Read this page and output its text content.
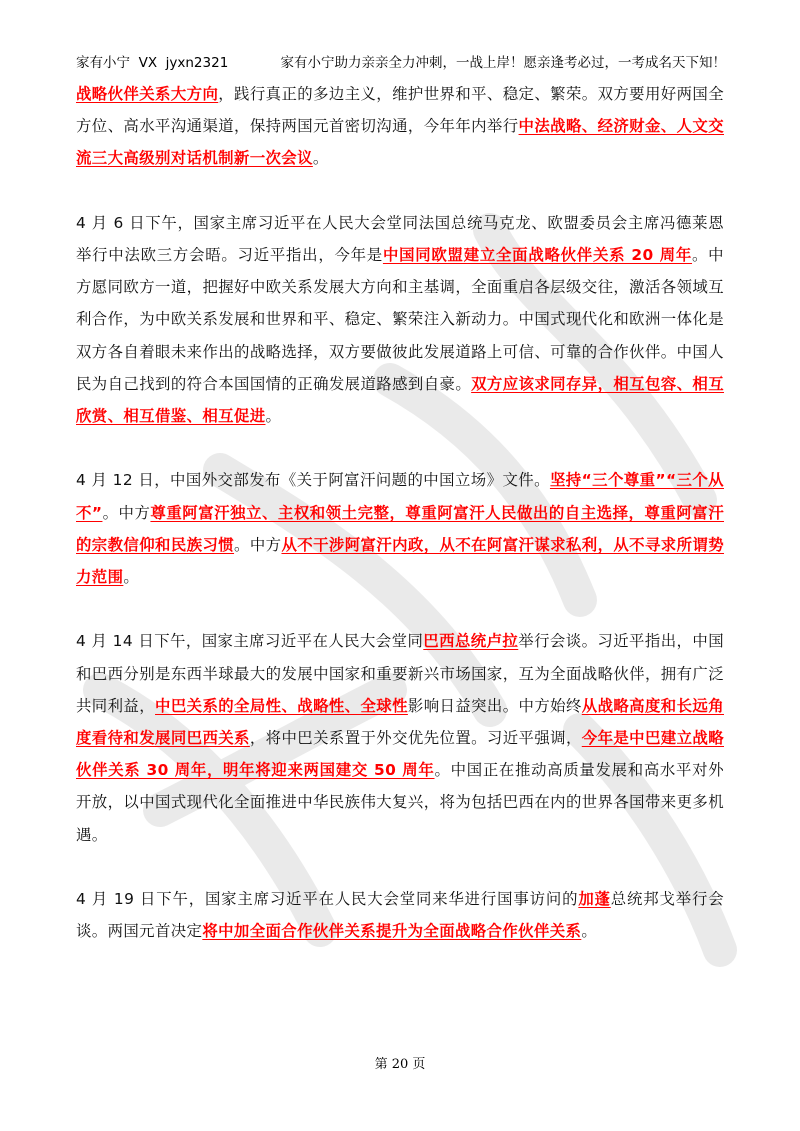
家有小宁  VX  jyxn2321	家有小宁助力亲亲全力冲刺，一战上岸！愿亲逢考必过，一考成名天下知！

战略伙伴关系大方向，践行真正的多边主义，维护世界和平、稳定、繁荣。双方要用好两国全方位、高水平沟通渠道，保持两国元首密切沟通，今年年内举行中法战略、经济财金、人文交流三大高级别对话机制新一次会议。

4 月 6 日下午，国家主席习近平在人民大会堂同法国总统马克龙、欧盟委员会主席冯德莱恩举行中法欧三方会晤。习近平指出，今年是中国同欧盟建立全面战略伙伴关系 20 周年。中方愿同欧方一道，把握好中欧关系发展大方向和主基调，全面重启各层级交往，激活各领域互利合作，为中欧关系发展和世界和平、稳定、繁荣注入新动力。中国式现代化和欧洲一体化是双方各自着眼未来作出的战略选择，双方要做彼此发展道路上可信、可靠的合作伙伴。中国人民为自己找到的符合本国国情的正确发展道路感到自豪。双方应该求同存异，相互包容、相互欣赏、相互借鉴、相互促进。

4 月 12 日，中国外交部发布《关于阿富汗问题的中国立场》文件。坚持“三个尊重”“三个从不”。中方尊重阿富汗独立、主权和领土完整，尊重阿富汗人民做出的自主选择，尊重阿富汗的宗教信仰和民族习惯。中方从不干涉阿富汗内政，从不在阿富汗谋求私利，从不寻求所谓势力范围。

4 月 14 日下午，国家主席习近平在人民大会堂同巴西总统卢拉举行会谈。习近平指出，中国和巴西分别是东西半球最大的发展中国家和重要新兴市场国家，互为全面战略伙伴，拥有广泛共同利益，中巴关系的全局性、战略性、全球性影响日益突出。中方始终从战略高度和长远角度看待和发展同巴西关系，将中巴关系置于外交优先位置。习近平强调，今年是中巴建立战略伙伴关系 30 周年，明年将迎来两国建交 50 周年。中国正在推动高质量发展和高水平对外开放，以中国式现代化全面推进中华民族伟大复兴，将为包括巴西在内的世界各国带来更多机遇。

4 月 19 日下午，国家主席习近平在人民大会堂同来华进行国事访问的加蓬总统邦戈举行会谈。两国元首决定将中加全面合作伙伴关系提升为全面战略合作伙伴关系。

第 20 页
